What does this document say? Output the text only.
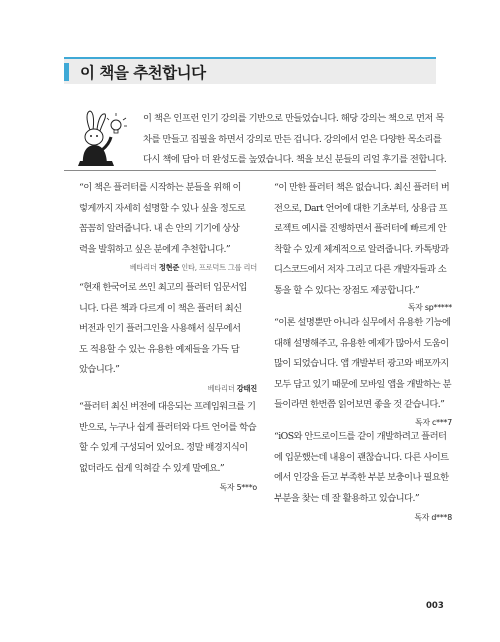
이 책을 추천합니다
이 책은 인프런 인기 강의를 기반으로 만들었습니다. 해당 강의는 책으로 먼저 목
차를 만들고 집필을 하면서 강의로 만든 겁니다. 강의에서 얻은 다양한 목소리를
다시 책에 담아 더 완성도를 높였습니다. 책을 보신 분들의 리얼 후기를 전합니다.
“이 책은 플러터를 시작하는 분들을 위해 이
렇게까지 자세히 설명할 수 있나 싶을 정도로
꼼꼼히 알려줍니다. 내 손 안의 기기에 상상
력을 발휘하고 싶은 분에게 추천합니다.”
베타리더 정현준 인타, 프로덕트 그룹 리더
“현재 한국어로 쓰인 최고의 플러터 입문서입
니다. 다른 책과 다르게 이 책은 플러터 최신
버전과 인기 플러그인을 사용해서 실무에서
도 적용할 수 있는 유용한 예제들을 가득 담
았습니다.”
베타리더 강태진
“플러터 최신 버전에 대응되는 프레임워크를 기
반으로, 누구나 쉽게 플러터와 다트 언어를 학습
할 수 있게 구성되어 있어요. 정말 배경지식이
없더라도 쉽게 익혀갈 수 있게 말예요.”
독자 5***o
“이 만한 플러터 책은 없습니다. 최신 플러터 버
전으로, Dart 언어에 대한 기초부터, 상용급 프
로젝트 예시를 진행하면서 플러터에 빠르게 안
착할 수 있게 체계적으로 알려줍니다. 카톡방과
디스코드에서 저자 그리고 다른 개발자들과 소
통을 할 수 있다는 장점도 제공합니다.”
독자 sp*****
“이론 설명뿐만 아니라 실무에서 유용한 기능에
대해 설명해주고, 유용한 예제가 많아서 도움이
많이 되었습니다. 앱 개발부터 광고와 배포까지
모두 담고 있기 때문에 모바일 앱을 개발하는 분
들이라면 한번쯤 읽어보면 좋을 것 같습니다.”
독자 c***7
“iOS와 안드로이드를 같이 개발하려고 플러터
에 입문했는데 내용이 괜찮습니다. 다른 사이트
에서 인강을 듣고 부족한 부분 보충이나 필요한
부분을 찾는 데 잘 활용하고 있습니다.”
독자 d***8
003
